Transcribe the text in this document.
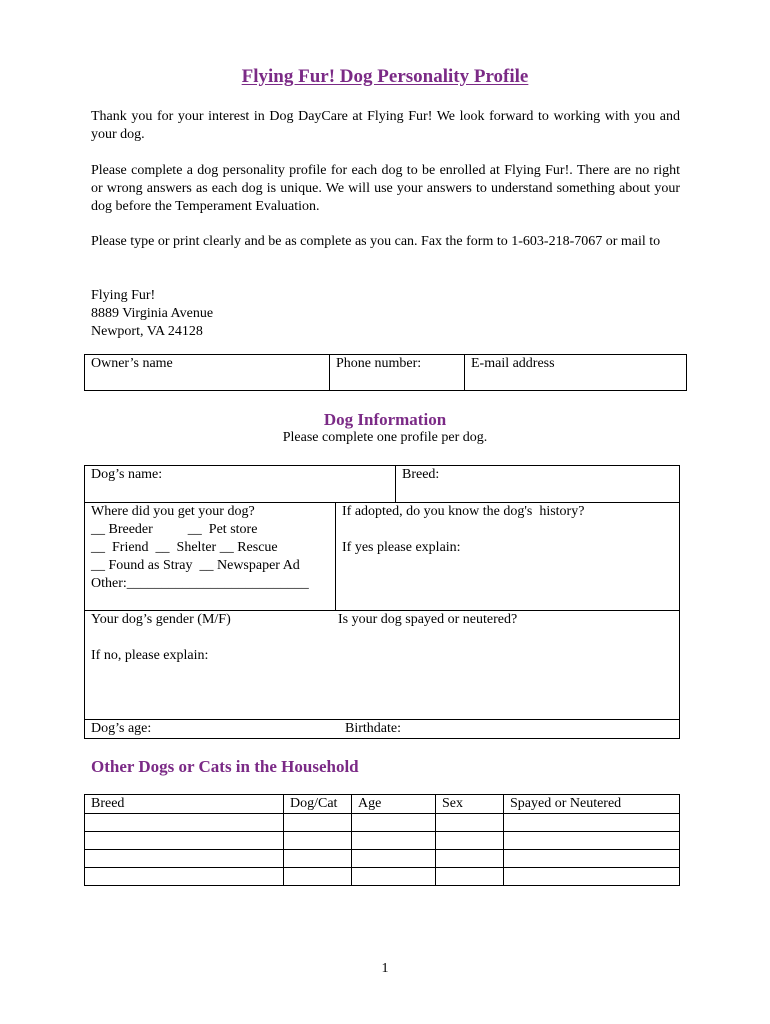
Flying Fur! Dog Personality Profile

Thank you for your interest in Dog DayCare at Flying Fur! We look forward to working with you and your dog.

Please complete a dog personality profile for each dog to be enrolled at Flying Fur!. There are no right or wrong answers as each dog is unique. We will use your answers to understand something about your dog before the Temperament Evaluation.

Please type or print clearly and be as complete as you can. Fax the form to 1-603-218-7067 or mail to

Flying Fur!
8889 Virginia Avenue
Newport, VA 24128
Owner’s name	Phone number:	E-mail address
Dog Information
Please complete one profile per dog.
Dog’s name:	Breed:

Where did you get your dog?
__ Breeder          __  Pet store
__  Friend  __  Shelter __ Rescue
__ Found as Stray  __ Newspaper Ad
Other:__________________________

If adopted, do you know the dog's  history?
If yes please explain:

Your dog’s gender (M/F)	Is your dog spayed or neutered?
If no, please explain:

Dog’s age:	Birthdate:
Other Dogs or Cats in the Household
Breed	Dog/Cat	Age	Sex	Spayed or Neutered

1
